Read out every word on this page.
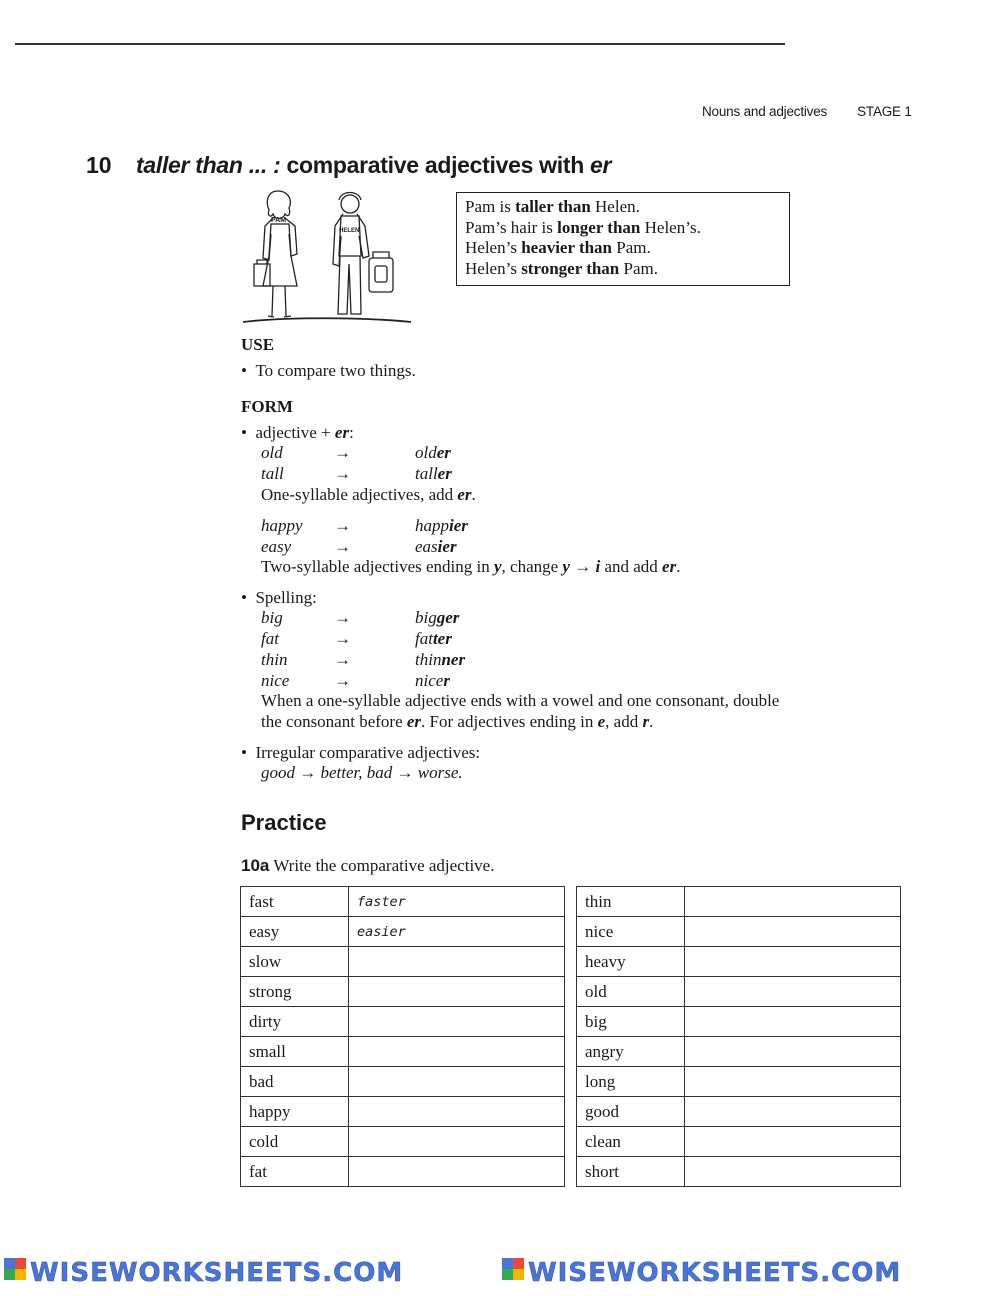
Nouns and adjectives STAGE 1
10 taller than ... : comparative adjectives with er
PAM
HELEN
Pam is taller than Helen.
Pam’s hair is longer than Helen’s.
Helen’s heavier than Pam.
Helen’s stronger than Pam.
USE
•  To compare two things.
FORM
•  adjective + er:
old	→	older
tall	→	taller
One-syllable adjectives, add er.
happy →	happier
easy	→	easier
Two-syllable adjectives ending in y, change y → i and add er.
•  Spelling:
big	→	bigger
fat	→	fatter
thin	→	thinner
nice	→	nicer
When a one-syllable adjective ends with a vowel and one consonant, double
the consonant before er. For adjectives ending in e, add r.
•  Irregular comparative adjectives:
good → better, bad → worse.
Practice
10a Write the comparative adjective.
fast	faster
easy	easier
slow	
strong	
dirty	
small	
bad	
happy	
cold	
fat	
thin	
nice	
heavy	
old	
big	
angry	
long	
good	
clean	
short	
WISEWORKSHEETS.COM	WISEWORKSHEETS.COM
